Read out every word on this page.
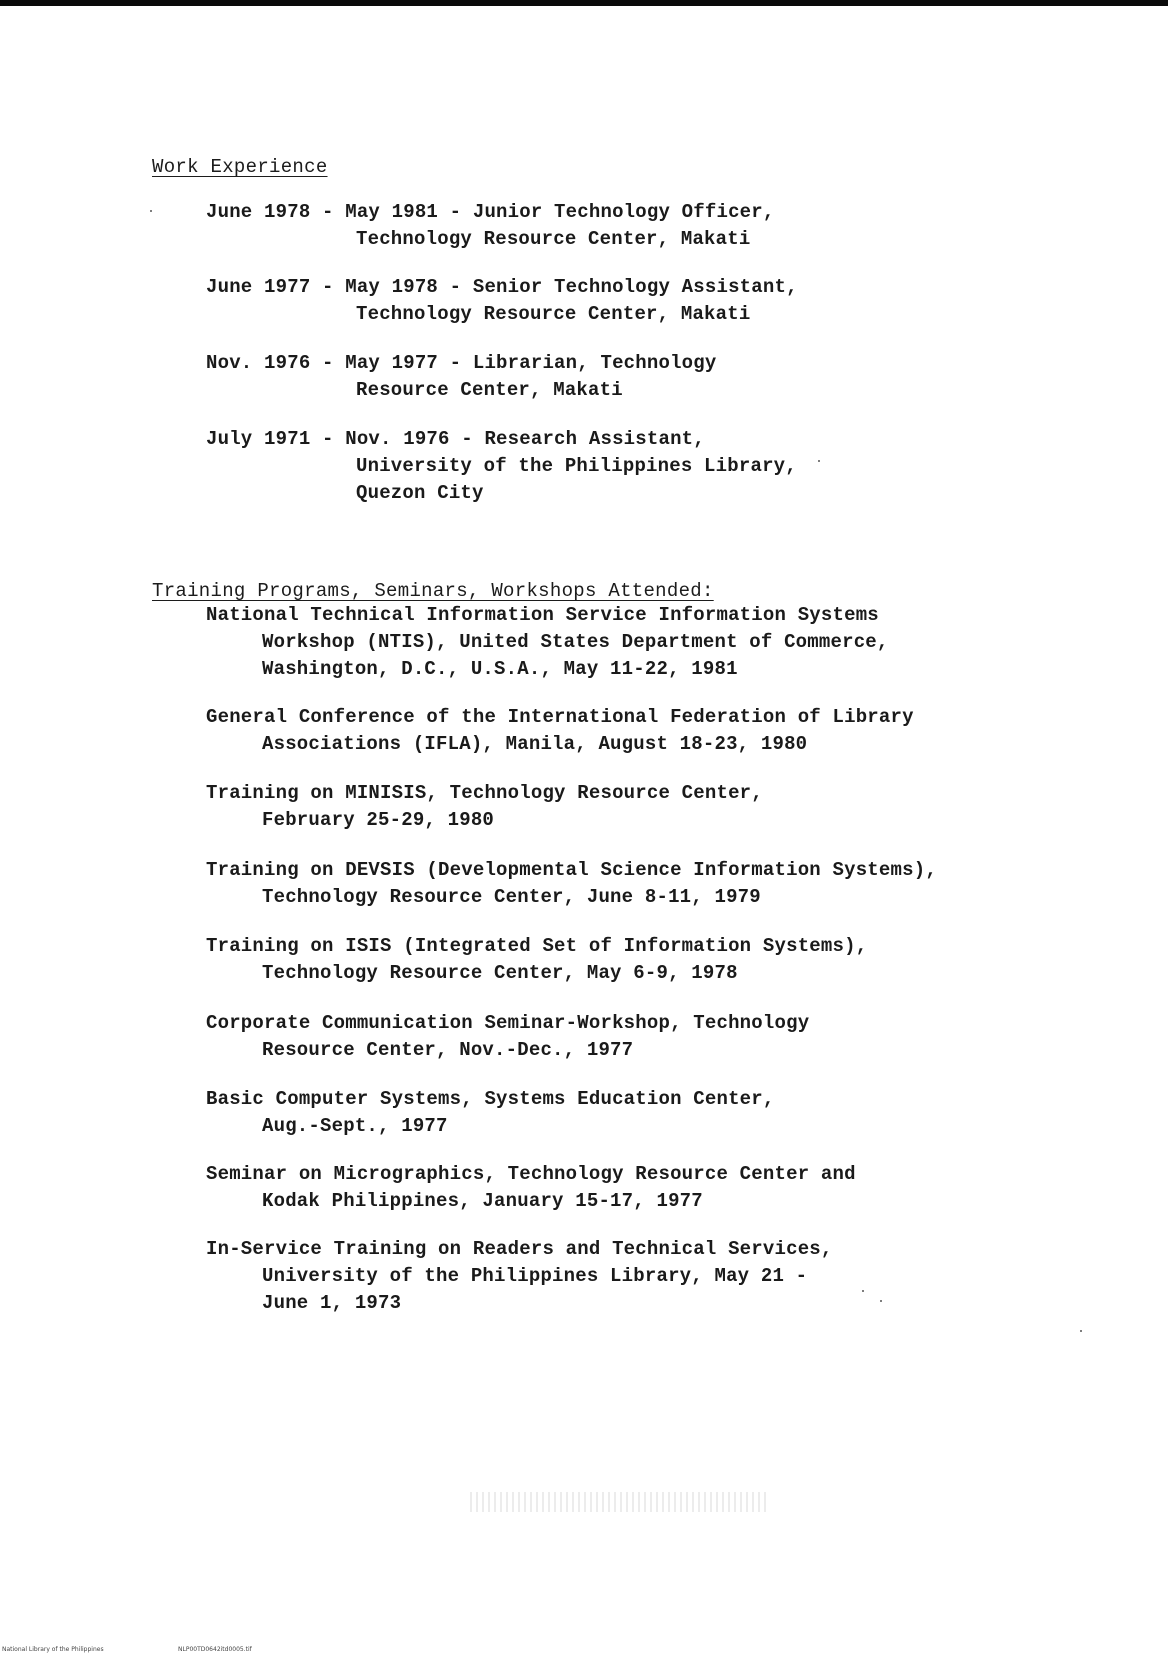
Work Experience
June 1978 - May 1981 - Junior Technology Officer,
Technology Resource Center, Makati
June 1977 - May 1978 - Senior Technology Assistant,
Technology Resource Center, Makati
Nov. 1976 - May 1977 - Librarian, Technology
Resource Center, Makati
July 1971 - Nov. 1976 - Research Assistant,
University of the Philippines Library,
Quezon City
Training Programs, Seminars, Workshops Attended:
National Technical Information Service Information Systems
Workshop (NTIS), United States Department of Commerce,
Washington, D.C., U.S.A., May 11-22, 1981
General Conference of the International Federation of Library
Associations (IFLA), Manila, August 18-23, 1980
Training on MINISIS, Technology Resource Center,
February 25-29, 1980
Training on DEVSIS (Developmental Science Information Systems),
Technology Resource Center, June 8-11, 1979
Training on ISIS (Integrated Set of Information Systems),
Technology Resource Center, May 6-9, 1978
Corporate Communication Seminar-Workshop, Technology
Resource Center, Nov.-Dec., 1977
Basic Computer Systems, Systems Education Center,
Aug.-Sept., 1977
Seminar on Micrographics, Technology Resource Center and
Kodak Philippines, January 15-17, 1977
In-Service Training on Readers and Technical Services,
University of the Philippines Library, May 21 -
June 1, 1973
National Library of the Philippines	NLP00TD0642itd0005.tif
